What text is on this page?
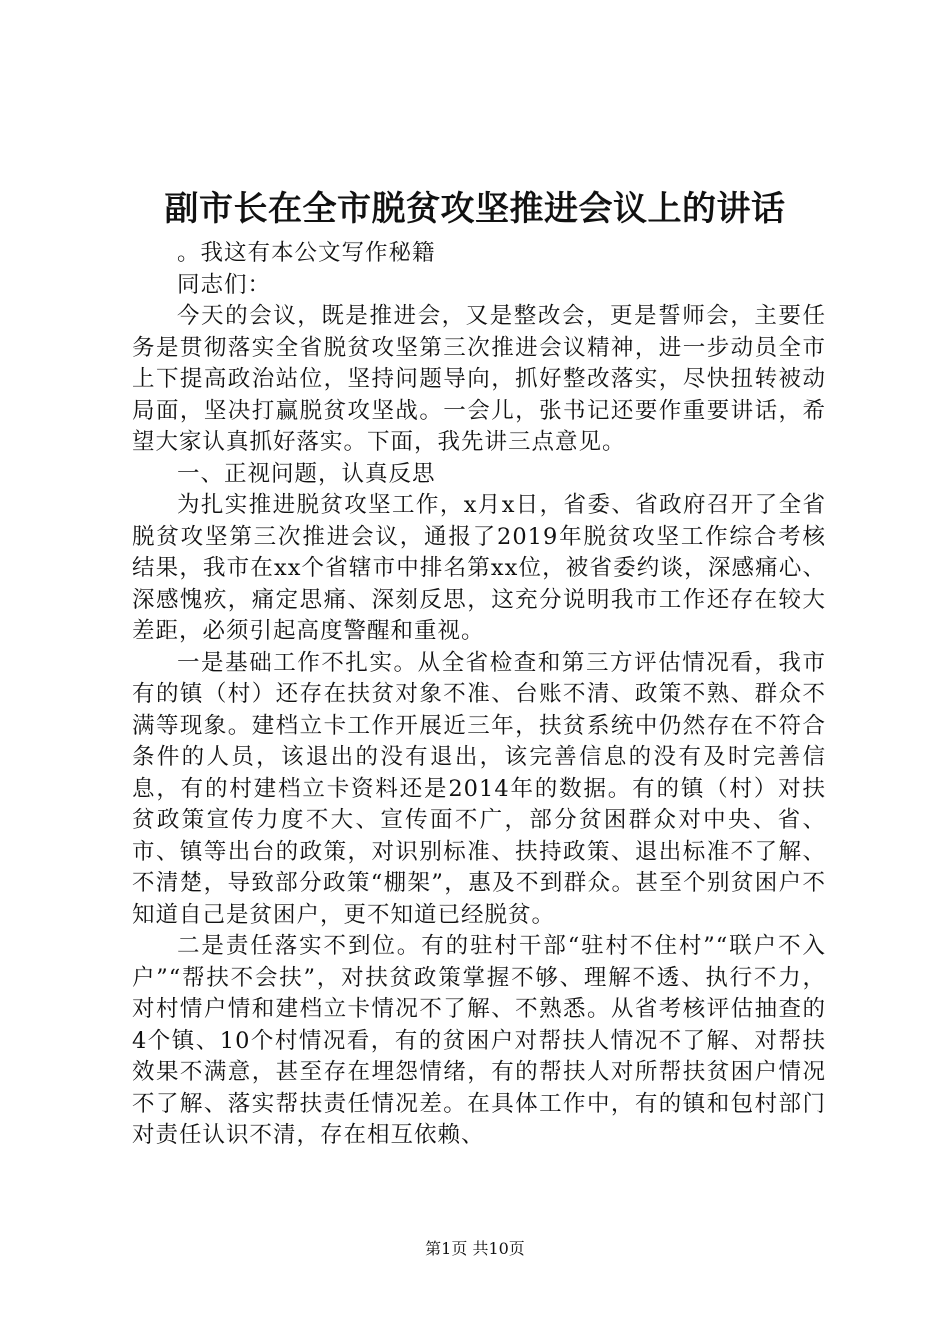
副市长在全市脱贫攻坚推进会议上的讲话

。我这有本公文写作秘籍

同志们：

今天的会议，既是推进会，又是整改会，更是誓师会，主要任务是贯彻落实全省脱贫攻坚第三次推进会议精神，进一步动员全市上下提高政治站位，坚持问题导向，抓好整改落实，尽快扭转被动局面，坚决打赢脱贫攻坚战。一会儿，张书记还要作重要讲话，希望大家认真抓好落实。下面，我先讲三点意见。

一、正视问题，认真反思

为扎实推进脱贫攻坚工作，x月x日，省委、省政府召开了全省脱贫攻坚第三次推进会议，通报了2019年脱贫攻坚工作综合考核结果，我市在xx个省辖市中排名第xx位，被省委约谈，深感痛心、深感愧疚，痛定思痛、深刻反思，这充分说明我市工作还存在较大差距，必须引起高度警醒和重视。

一是基础工作不扎实。从全省检查和第三方评估情况看，我市有的镇（村）还存在扶贫对象不准、台账不清、政策不熟、群众不满等现象。建档立卡工作开展近三年，扶贫系统中仍然存在不符合条件的人员，该退出的没有退出，该完善信息的没有及时完善信息，有的村建档立卡资料还是2014年的数据。有的镇（村）对扶贫政策宣传力度不大、宣传面不广，部分贫困群众对中央、省、市、镇等出台的政策，对识别标准、扶持政策、退出标准不了解、不清楚，导致部分政策“棚架”，惠及不到群众。甚至个别贫困户不知道自己是贫困户，更不知道已经脱贫。

二是责任落实不到位。有的驻村干部“驻村不住村”“联户不入户”“帮扶不会扶”，对扶贫政策掌握不够、理解不透、执行不力，对村情户情和建档立卡情况不了解、不熟悉。从省考核评估抽查的4个镇、10个村情况看，有的贫困户对帮扶人情况不了解、对帮扶效果不满意，甚至存在埋怨情绪，有的帮扶人对所帮扶贫困户情况不了解、落实帮扶责任情况差。在具体工作中，有的镇和包村部门对责任认识不清，存在相互依赖、

第1页 共10页
